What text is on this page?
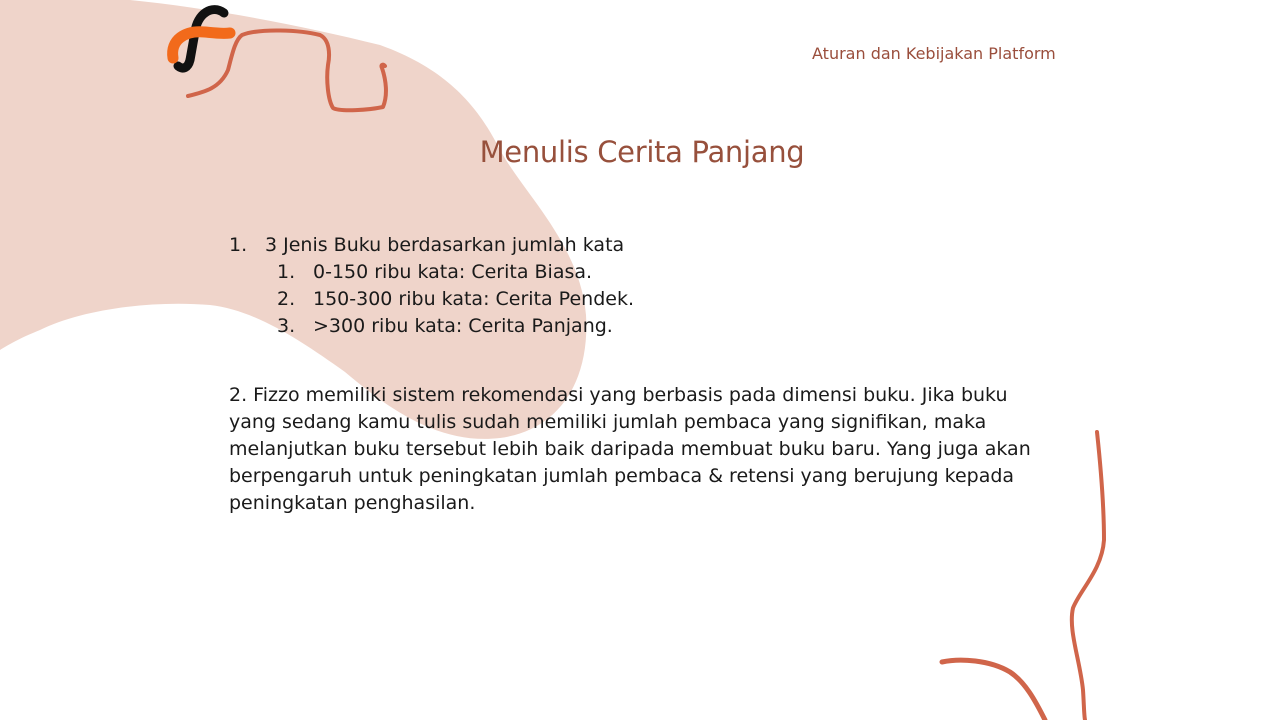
Aturan dan Kebijakan Platform
Menulis Cerita Panjang
1. 3 Jenis Buku berdasarkan jumlah kata
1. 0-150 ribu kata: Cerita Biasa.
2. 150-300 ribu kata: Cerita Pendek.
3. >300 ribu kata: Cerita Panjang.
2. Fizzo memiliki sistem rekomendasi yang berbasis pada dimensi buku. Jika buku yang sedang kamu tulis sudah memiliki jumlah pembaca yang signifikan, maka melanjutkan buku tersebut lebih baik daripada membuat buku baru. Yang juga akan berpengaruh untuk peningkatan jumlah pembaca & retensi yang berujung kepada peningkatan penghasilan.
